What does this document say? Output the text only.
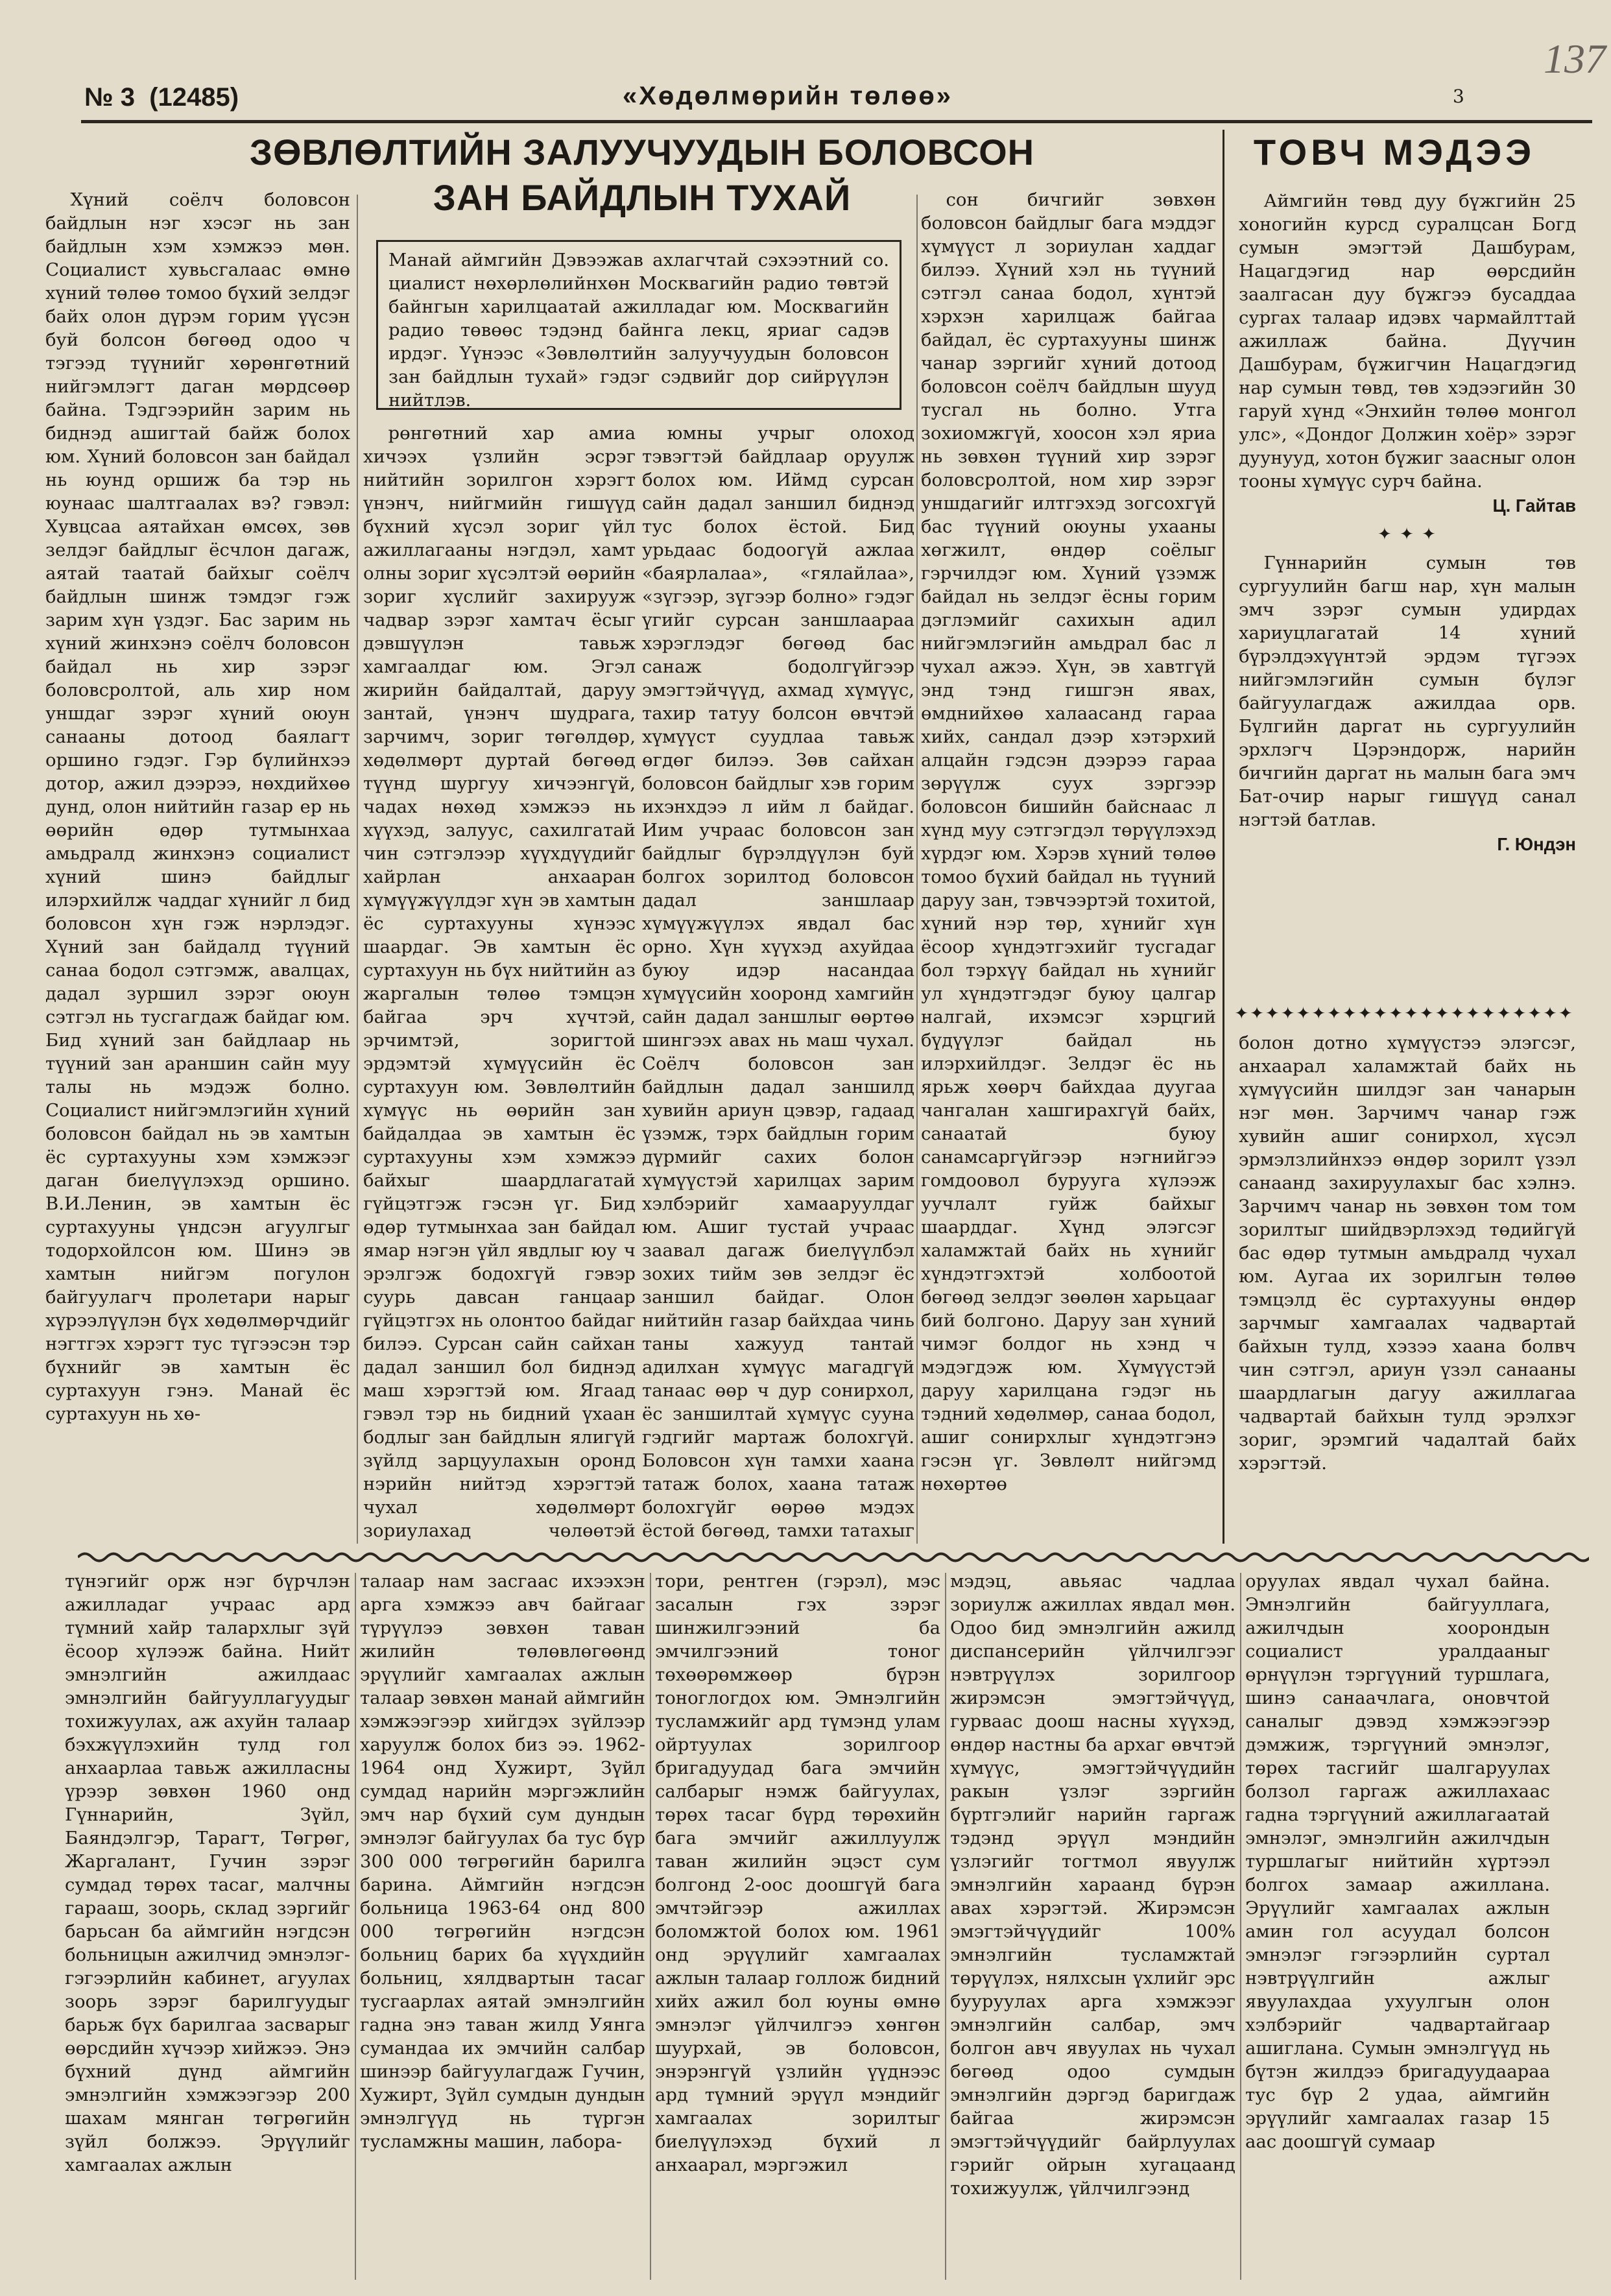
№ 3 (12485)	«Хөдөлмөрийн төлөө»	3
137
ЗӨВЛӨЛТИЙН ЗАЛУУЧУУДЫН БОЛОВСОН
ЗАН БАЙДЛЫН ТУХАЙ

Хүний соёлч боловсон байдлын нэг хэсэг нь зан байдлын хэм хэмжээ мөн. Социалист хувьсгалаас өмнө хүний төлөө томоо бүхий зелдэг байх олон дүрэм горим үүсэн буй болсон бөгөөд одоо ч тэгээд түүнийг хөрөнгөтний нийгэмлэгт даган мөрдсөөр байна. Тэдгээрийн зарим нь биднэд ашигтай байж болох юм. Хүний боловсон зан байдал нь юунд оршиж ба тэр нь юунаас шалтгаалах вэ? гэвэл: Хувцсаа аятайхан өмсөх, зөв зелдэг байдлыг ёсчлон дагаж, аятай таатай байхыг соёлч байдлын шинж тэмдэг гэж зарим хүн үздэг. Бас зарим нь хүний жинхэнэ соёлч боловсон байдал нь хир зэрэг боловсролтой, аль хир ном уншдаг зэрэг хүний оюун санааны дотоод баялагт оршино гэдэг. Гэр бүлийнхээ дотор, ажил дээрээ, нөхдийхөө дунд, олон нийтийн газар ер нь өөрийн өдөр тутмынхаа амьдралд жинхэнэ социалист хүний шинэ байдлыг илэрхийлж чаддаг хүнийг л бид боловсон хүн гэж нэрлэдэг. Хүний зан байдалд түүний санаа бодол сэтгэмж, авалцах, дадал зуршил зэрэг оюун сэтгэл нь тусгагдаж байдаг юм. Бид хүний зан байдлаар нь түүний зан араншин сайн муу талы нь мэдэж болно. Социалист нийгэмлэгийн хүний боловсон байдал нь эв хамтын ёс суртахууны хэм хэмжээг даган биелүүлэхэд оршино. В.И.Ленин, эв хамтын ёс суртахууны үндсэн агуулгыг тодорхойлсон юм. Шинэ эв хамтын нийгэм погулон байгуулагч пролетари нарыг хүрээлүүлэн бүх хөдөлмөрчдийг нэгтгэх хэрэгт тус түгээсэн тэр бүхнийг эв хамтын ёс суртахуун гэнэ. Манай ёс суртахуун нь хө-

Манай аймгийн Дэвээжав ахлагчтай сэхээтний со. циалист нөхөрлөлийнхөн Москвагийн радио төвтэй байнгын харилцаатай ажилладаг юм. Москвагийн радио төвөөс тэдэнд байнга лекц, яриаг садэв ирдэг. Үүнээс «Зөвлөлтийн залуучуудын боловсон зан байдлын тухай» гэдэг сэдвийг дор сийрүүлэн нийтлэв.

рөнгөтний хар амиа хичээх үзлийн эсрэг нийтийн зорилгон хэрэгт үнэнч, нийгмийн гишүүд бүхний хүсэл зориг үйл ажиллагааны нэгдэл, хамт олны зориг хүсэлтэй өөрийн зориг хүслийг захирууж чадвар зэрэг хамтач ёсыг дэвшүүлэн тавьж хамгаалдаг юм. Эгэл жирийн байдалтай, даруу зантай, үнэнч шудрага, зарчимч, зориг төгөлдөр, хөдөлмөрт дуртай бөгөөд түүнд шургуу хичээнгүй, чадах нөхөд хэмжээ нь хүүхэд, залуус, сахилгатай чин сэтгэлээр хүүхдүүдийг хайрлан анхааран хүмүүжүүлдэг хүн эв хамтын ёс суртахууны хүнээс шаардаг. Эв хамтын ёс суртахуун нь бүх нийтийн аз жаргалын төлөө тэмцэн байгаа эрч хүчтэй, эрчимтэй, зоригтой эрдэмтэй хүмүүсийн ёс суртахуун юм. Зөвлөлтийн хүмүүс нь өөрийн зан байдалдаа эв хамтын ёс суртахууны хэм хэмжээ байхыг шаардлагатай гүйцэтгэж гэсэн үг. Бид өдөр тутмынхаа зан байдал ямар нэгэн үйл явдлыг юу ч эрэлгэж бодохгүй гэвэр суурь давсан ганцаар гүйцэтгэх нь олонтоо байдаг билээ. Сурсан сайн сайхан дадал заншил бол биднэд маш хэрэгтэй юм. Ягаад гэвэл тэр нь бидний үхаан бодлыг зан байдлын ялигүй зүйлд зарцуулахын оронд нэрийн нийтэд хэрэгтэй чухал хөдөлмөрт зориулахад чөлөөтэй

юмны учрыг олоход тэвэгтэй байдлаар оруулж болох юм. Иймд сурсан сайн дадал заншил биднэд тус болох ёстой. Бид урьдаас бодоогүй ажлаа «баярлалаа», «гялайлаа», «зүгээр, зүгээр болно» гэдэг үгийг сурсан заншлаараа хэрэглэдэг бөгөөд бас санаж бодолгүйгээр эмэгтэйчүүд, ахмад хүмүүс, тахир татуу болсон өвчтэй хүмүүст суудлаа тавьж өгдөг билээ. Зөв сайхан боловсон байдлыг хэв горим ихэнхдээ л ийм л байдаг. Иим учраас боловсон зан байдлыг бүрэлдүүлэн буй болгох зорилтод боловсон дадал заншлаар хүмүүжүүлэх явдал бас орно. Хүн хүүхэд ахуйдаа буюу идэр насандаа хүмүүсийн хооронд хамгийн сайн дадал заншлыг өөртөө шингээх авах нь маш чухал. Соёлч боловсон зан байдлын дадал заншилд хувийн ариун цэвэр, гадаад үзэмж, тэрх байдлын горим дүрмийг сахих болон хүмүүстэй харилцах зарим хэлбэрийг хамааруулдаг юм. Ашиг тустай учраас заавал дагаж биелүүлбэл зохих тийм зөв зелдэг ёс заншил байдаг. Олон нийтийн газар байхдаа чинь таны хажууд тантай адилхан хүмүүс магадгүй танаас өөр ч дур сонирхол, ёс заншилтай хүмүүс сууна гэдгийг мартаж болохгүй. Боловсон хүн тамхи хаана татаж болох, хаана татаж болохгүйг өөрөө мэдэх ёстой бөгөөд, тамхи татахыг

сон бичгийг зөвхөн боловсон байдлыг бага мэддэг хүмүүст л зориулан хаддаг билээ. Хүний хэл нь түүний сэтгэл санаа бодол, хүнтэй хэрхэн харилцаж байгаа байдал, ёс суртахууны шинж чанар зэргийг хүний дотоод боловсон соёлч байдлын шууд тусгал нь болно. Утга зохиомжгүй, хоосон хэл яриа нь зөвхөн түүний хир зэрэг боловсролтой, ном хир зэрэг уншдагийг илтгэхэд зогсохгүй бас түүний оюуны ухааны хөгжилт, өндөр соёлыг гэрчилдэг юм. Хүний үзэмж байдал нь зелдэг ёсны горим дэглэмийг сахихын адил нийгэмлэгийн амьдрал бас л чухал ажээ. Хүн, эв хавтгүй энд тэнд гишгэн явах, өмднийхөө халаасанд гараа хийх, сандал дээр хэтэрхий алцайн гэдсэн дээрээ гараа зөрүүлж суух зэргээр боловсон бишийн байснаас л хүнд муу сэтгэгдэл төрүүлэхэд хүрдэг юм. Хэрэв хүний төлөө томоо бүхий байдал нь түүний даруу зан, тэвчээртэй тохитой, хүний нэр төр, хүнийг хүн ёсоор хүндэтгэхийг тусгадаг бол тэрхүү байдал нь хүнийг ул хүндэтгэдэг буюу цалгар налгай, ихэмсэг хэрцгий бүдүүлэг байдал нь илэрхийлдэг. Зелдэг ёс нь ярьж хөөрч байхдаа дуугаа чангалан хашгирахгүй байх, санаатай буюу санамсаргүйгээр нэгнийгээ гомдоовол бурууга хүлээж уучлалт гуйж байхыг шаарддаг. Хүнд элэгсэг халамжтай байх нь хүнийг хүндэтгэхтэй холбоотой бөгөөд зелдэг зөөлөн харьцааг бий болгоно. Даруу зан хүний чимэг болдог нь хэнд ч мэдэгдэж юм. Хүмүүстэй даруу харилцана гэдэг нь тэдний хөдөлмөр, санаа бодол, ашиг сонирхлыг хүндэтгэнэ гэсэн үг. Зөвлөлт нийгэмд нөхөртөө

ТОВЧ МЭДЭЭ

Аймгийн төвд дуу бүжгийн 25 хоногийн курсд суралцсан Богд сумын эмэгтэй Дашбурам, Нацагдэгид нар өөрсдийн заалгасан дуу бүжгээ бусаддаа сургах талаар идэвх чармайлттай ажиллаж байна. Дүүчин Дашбурам, бүжигчин Нацагдэгид нар сумын төвд, төв хэдээгийн 30 гаруй хүнд «Энхийн төлөө монгол улс», «Дондог Должин хоёр» зэрэг дуунууд, хотон бүжиг заасныг олон тооны хүмүүс сурч байна.

Ц. Гайтав
✦ ✦ ✦

Гүннарийн сумын төв сургуулийн багш нар, хүн малын эмч зэрэг сумын удирдах хариуцлагатай 14 хүний бүрэлдэхүүнтэй эрдэм түгээх нийгэмлэгийн сумын бүлэг байгуулагдаж ажилдаа орв. Бүлгийн даргат нь сургуулийн эрхлэгч Цэрэндорж, нарийн бичгийн даргат нь малын бага эмч Бат-очир нарыг гишүүд санал нэгтэй батлав.

Г. Юндэн
✦✦✦✦✦✦✦✦✦✦✦✦✦✦✦✦✦✦✦✦✦✦

болон дотно хүмүүстээ элэгсэг, анхаарал халамжтай байх нь хүмүүсийн шилдэг зан чанарын нэг мөн. Зарчимч чанар гэж хувийн ашиг сонирхол, хүсэл эрмэлзлийнхээ өндөр зорилт үзэл санаанд захируулахыг бас хэлнэ. Зарчимч чанар нь зөвхөн том том зорилтыг шийдвэрлэхэд төдийгүй бас өдөр тутмын амьдралд чухал юм. Аугаа их зорилгын төлөө тэмцэлд ёс суртахууны өндөр зарчмыг хамгаалах чадвартай байхын тулд, хэзээ хаана болвч чин сэтгэл, ариун үзэл санааны шаардлагын дагуу ажиллагаа чадвартай байхын тулд эрэлхэг зориг, эрэмгий чадалтай байх хэрэгтэй.

түнэгийг орж нэг бүрчлэн ажилладаг учраас ард түмний хайр талархлыг зүй ёсоор хүлээж байна. Нийт эмнэлгийн ажилдаас эмнэлгийн байгууллагуудыг тохижуулах, аж ахуйн талаар бэхжүүлэхийн тулд гол анхаарлаа тавьж ажилласны үрээр зөвхөн 1960 онд Гүннарийн, Зүйл, Баяндэлгэр, Тарагт, Төгрөг, Жаргалант, Гучин зэрэг сумдад төрөх тасаг, малчны гарааш, зоорь, склад зэргийг барьсан ба аймгийн нэгдсэн больницын ажилчид эмнэлэг-гэгээрлийн кабинет, агуулах зоорь зэрэг барилгуудыг барьж бүх барилгаа засварыг өөрсдийн хүчээр хийжээ. Энэ бүхний дүнд аймгийн эмнэлгийн хэмжээгээр 200 шахам мянган төгрөгийн зүйл болжээ. Эрүүлийг хамгаалах ажлын

талаар нам засгаас ихээхэн арга хэмжээ авч байгааг түрүүлээ зөвхөн таван жилийн төлөвлөгөөнд эрүүлийг хамгаалах ажлын талаар зөвхөн манай аймгийн хэмжээгээр хийгдэх зүйлээр харуулж болох биз ээ. 1962-1964 онд Хужирт, Зүйл сумдад нарийн мэргэжлийн эмч нар бүхий сум дундын эмнэлэг байгуулах ба тус бүр 300 000 төгрөгийн барилга барина. Аймгийн нэгдсэн больница 1963-64 онд 800 000 төгрөгийн нэгдсэн больниц барих ба хүүхдийн больниц, хялдвартын тасаг тусгаарлах аятай эмнэлгийн гадна энэ таван жилд Уянга сумандаа их эмчийн салбар шинээр байгуулагдаж Гучин, Хужирт, Зүйл сумдын дундын эмнэлгүүд нь түргэн тусламжны машин, лабора-

тори, рентген (гэрэл), мэс засалын гэх зэрэг шинжилгээний ба эмчилгээний тоног төхөөрөмжөөр бүрэн тоноглогдох юм. Эмнэлгийн тусламжийг ард түмэнд улам ойртуулах зорилгоор бригадуудад бага эмчийн салбарыг нэмж байгуулах, төрөх тасаг бүрд төрөхийн бага эмчийг ажиллуулж таван жилийн эцэст сум болгонд 2-оос доошгүй бага эмчтэйгээр ажиллах боломжтой болох юм. 1961 онд эрүүлийг хамгаалах ажлын талаар голлож бидний хийх ажил бол юуны өмнө эмнэлэг үйлчилгээ хөнгөн шуурхай, эв боловсон, энэрэнгүй үзлийн үүднээс ард түмний эрүүл мэндийг хамгаалах зорилтыг биелүүлэхэд бүхий л анхаарал, мэргэжил

мэдэц, авьяас чадлаа зориулж ажиллах явдал мөн. Одоо бид эмнэлгийн ажилд диспансерийн үйлчилгээг нэвтрүүлэх зорилгоор жирэмсэн эмэгтэйчүүд, гурваас доош насны хүүхэд, өндөр настны ба архаг өвчтэй хүмүүс, эмэгтэйчүүдийн ракын үзлэг зэргийн бүртгэлийг нарийн гаргаж тэдэнд эрүүл мэндийн үзлэгийг тогтмол явуулж эмнэлгийн хараанд бүрэн авах хэрэгтэй. Жирэмсэн эмэгтэйчүүдийг 100% эмнэлгийн тусламжтай төрүүлэх, нялхсын үхлийг эрс бууруулах арга хэмжээг эмнэлгийн салбар, эмч болгон авч явуулах нь чухал бөгөөд одоо сумдын эмнэлгийн дэргэд баригдаж байгаа жирэмсэн эмэгтэйчүүдийг байрлуулах гэрийг ойрын хугацаанд тохижуулж, үйлчилгээнд

оруулах явдал чухал байна. Эмнэлгийн байгууллага, ажилчдын хоорондын социалист уралдааныг өрнүүлэн тэргүүний туршлага, шинэ санаачлага, оновчтой саналыг дэвэд хэмжээгээр дэмжиж, тэргүүний эмнэлэг, төрөх тасгийг шалгаруулах болзол гаргаж ажиллахаас гадна тэргүүний ажиллагаатай эмнэлэг, эмнэлгийн ажилчдын туршлагыг нийтийн хүртээл болгох замаар ажиллана. Эрүүлийг хамгаалах ажлын амин гол асуудал болсон эмнэлэг гэгээрлийн суртал нэвтрүүлгийн ажлыг явуулахдаа ухуулгын олон хэлбэрийг чадвартайгаар ашиглана. Сумын эмнэлгүүд нь бүтэн жилдээ бригадуудаараа тус бүр 2 удаа, аймгийн эрүүлийг хамгаалах газар 15 аас доошгүй сумаар
